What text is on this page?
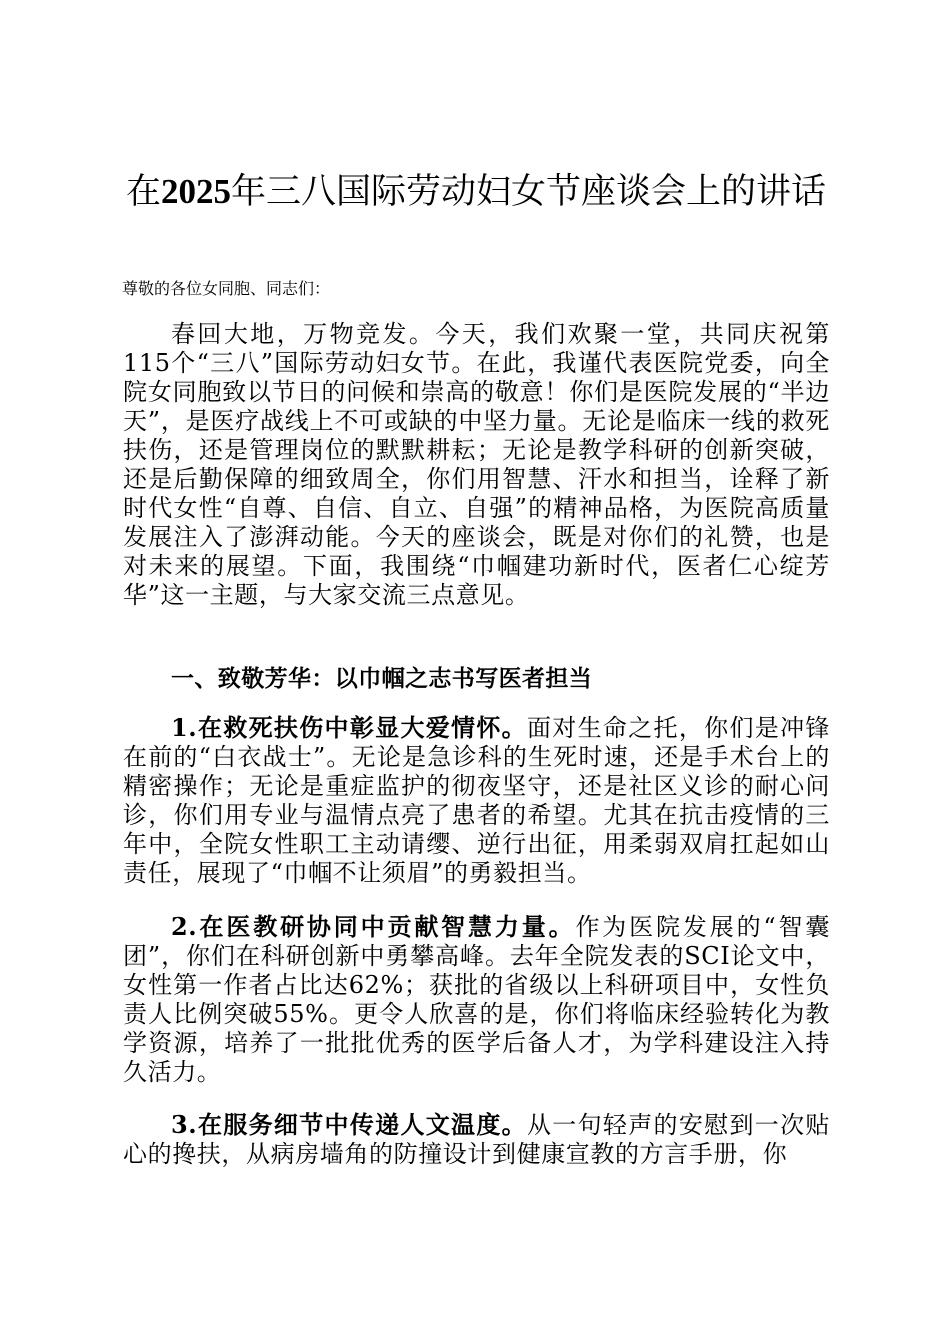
在2025年三八国际劳动妇女节座谈会上的讲话

尊敬的各位女同胞、同志们：

春回大地，万物竞发。今天，我们欢聚一堂，共同庆祝第115个“三八”国际劳动妇女节。在此，我谨代表医院党委，向全院女同胞致以节日的问候和崇高的敬意！你们是医院发展的“半边天”，是医疗战线上不可或缺的中坚力量。无论是临床一线的救死扶伤，还是管理岗位的默默耕耘；无论是教学科研的创新突破，还是后勤保障的细致周全，你们用智慧、汗水和担当，诠释了新时代女性“自尊、自信、自立、自强”的精神品格，为医院高质量发展注入了澎湃动能。今天的座谈会，既是对你们的礼赞，也是对未来的展望。下面，我围绕“巾帼建功新时代，医者仁心绽芳华”这一主题，与大家交流三点意见。

一、致敬芳华：以巾帼之志书写医者担当

1.在救死扶伤中彰显大爱情怀。面对生命之托，你们是冲锋在前的“白衣战士”。无论是急诊科的生死时速，还是手术台上的精密操作；无论是重症监护的彻夜坚守，还是社区义诊的耐心问诊，你们用专业与温情点亮了患者的希望。尤其在抗击疫情的三年中，全院女性职工主动请缨、逆行出征，用柔弱双肩扛起如山责任，展现了“巾帼不让须眉”的勇毅担当。

2.在医教研协同中贡献智慧力量。作为医院发展的“智囊团”，你们在科研创新中勇攀高峰。去年全院发表的SCI论文中，女性第一作者占比达62%；获批的省级以上科研项目中，女性负责人比例突破55%。更令人欣喜的是，你们将临床经验转化为教学资源，培养了一批批优秀的医学后备人才，为学科建设注入持久活力。

3.在服务细节中传递人文温度。从一句轻声的安慰到一次贴心的搀扶，从病房墙角的防撞设计到健康宣教的方言手册，你
